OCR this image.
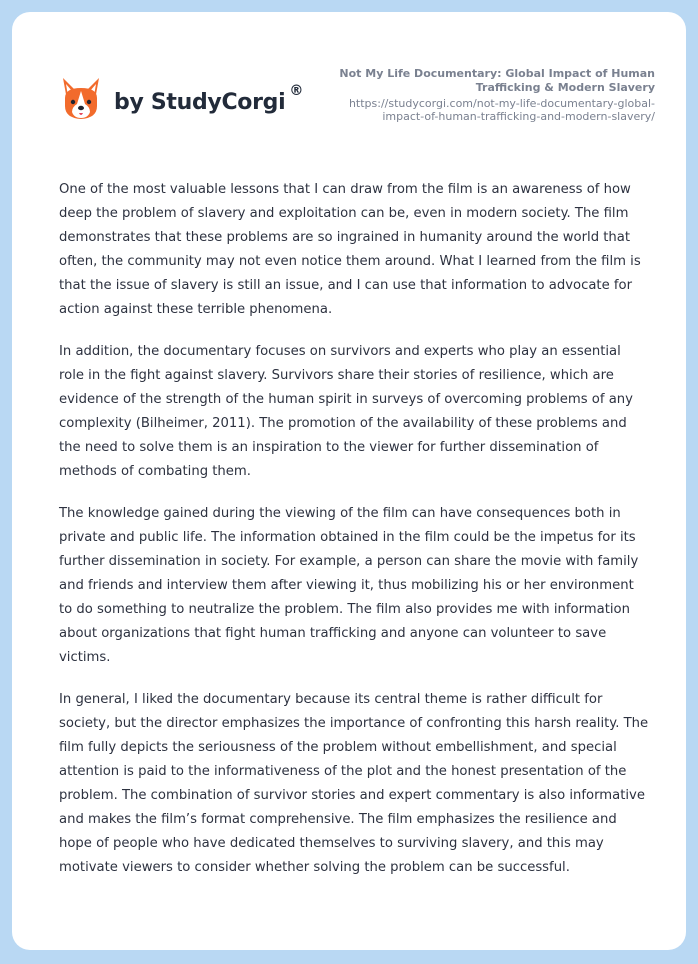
by StudyCorgi ®
Not My Life Documentary: Global Impact of Human Trafficking & Modern Slavery
https://studycorgi.com/not-my-life-documentary-global-impact-of-human-trafficking-and-modern-slavery/

One of the most valuable lessons that I can draw from the film is an awareness of how deep the problem of slavery and exploitation can be, even in modern society. The film demonstrates that these problems are so ingrained in humanity around the world that often, the community may not even notice them around. What I learned from the film is that the issue of slavery is still an issue, and I can use that information to advocate for action against these terrible phenomena.

In addition, the documentary focuses on survivors and experts who play an essential role in the fight against slavery. Survivors share their stories of resilience, which are evidence of the strength of the human spirit in surveys of overcoming problems of any complexity (Bilheimer, 2011). The promotion of the availability of these problems and the need to solve them is an inspiration to the viewer for further dissemination of methods of combating them.

The knowledge gained during the viewing of the film can have consequences both in private and public life. The information obtained in the film could be the impetus for its further dissemination in society. For example, a person can share the movie with family and friends and interview them after viewing it, thus mobilizing his or her environment to do something to neutralize the problem. The film also provides me with information about organizations that fight human trafficking and anyone can volunteer to save victims.

In general, I liked the documentary because its central theme is rather difficult for society, but the director emphasizes the importance of confronting this harsh reality. The film fully depicts the seriousness of the problem without embellishment, and special attention is paid to the informativeness of the plot and the honest presentation of the problem. The combination of survivor stories and expert commentary is also informative and makes the film’s format comprehensive. The film emphasizes the resilience and hope of people who have dedicated themselves to surviving slavery, and this may motivate viewers to consider whether solving the problem can be successful.
